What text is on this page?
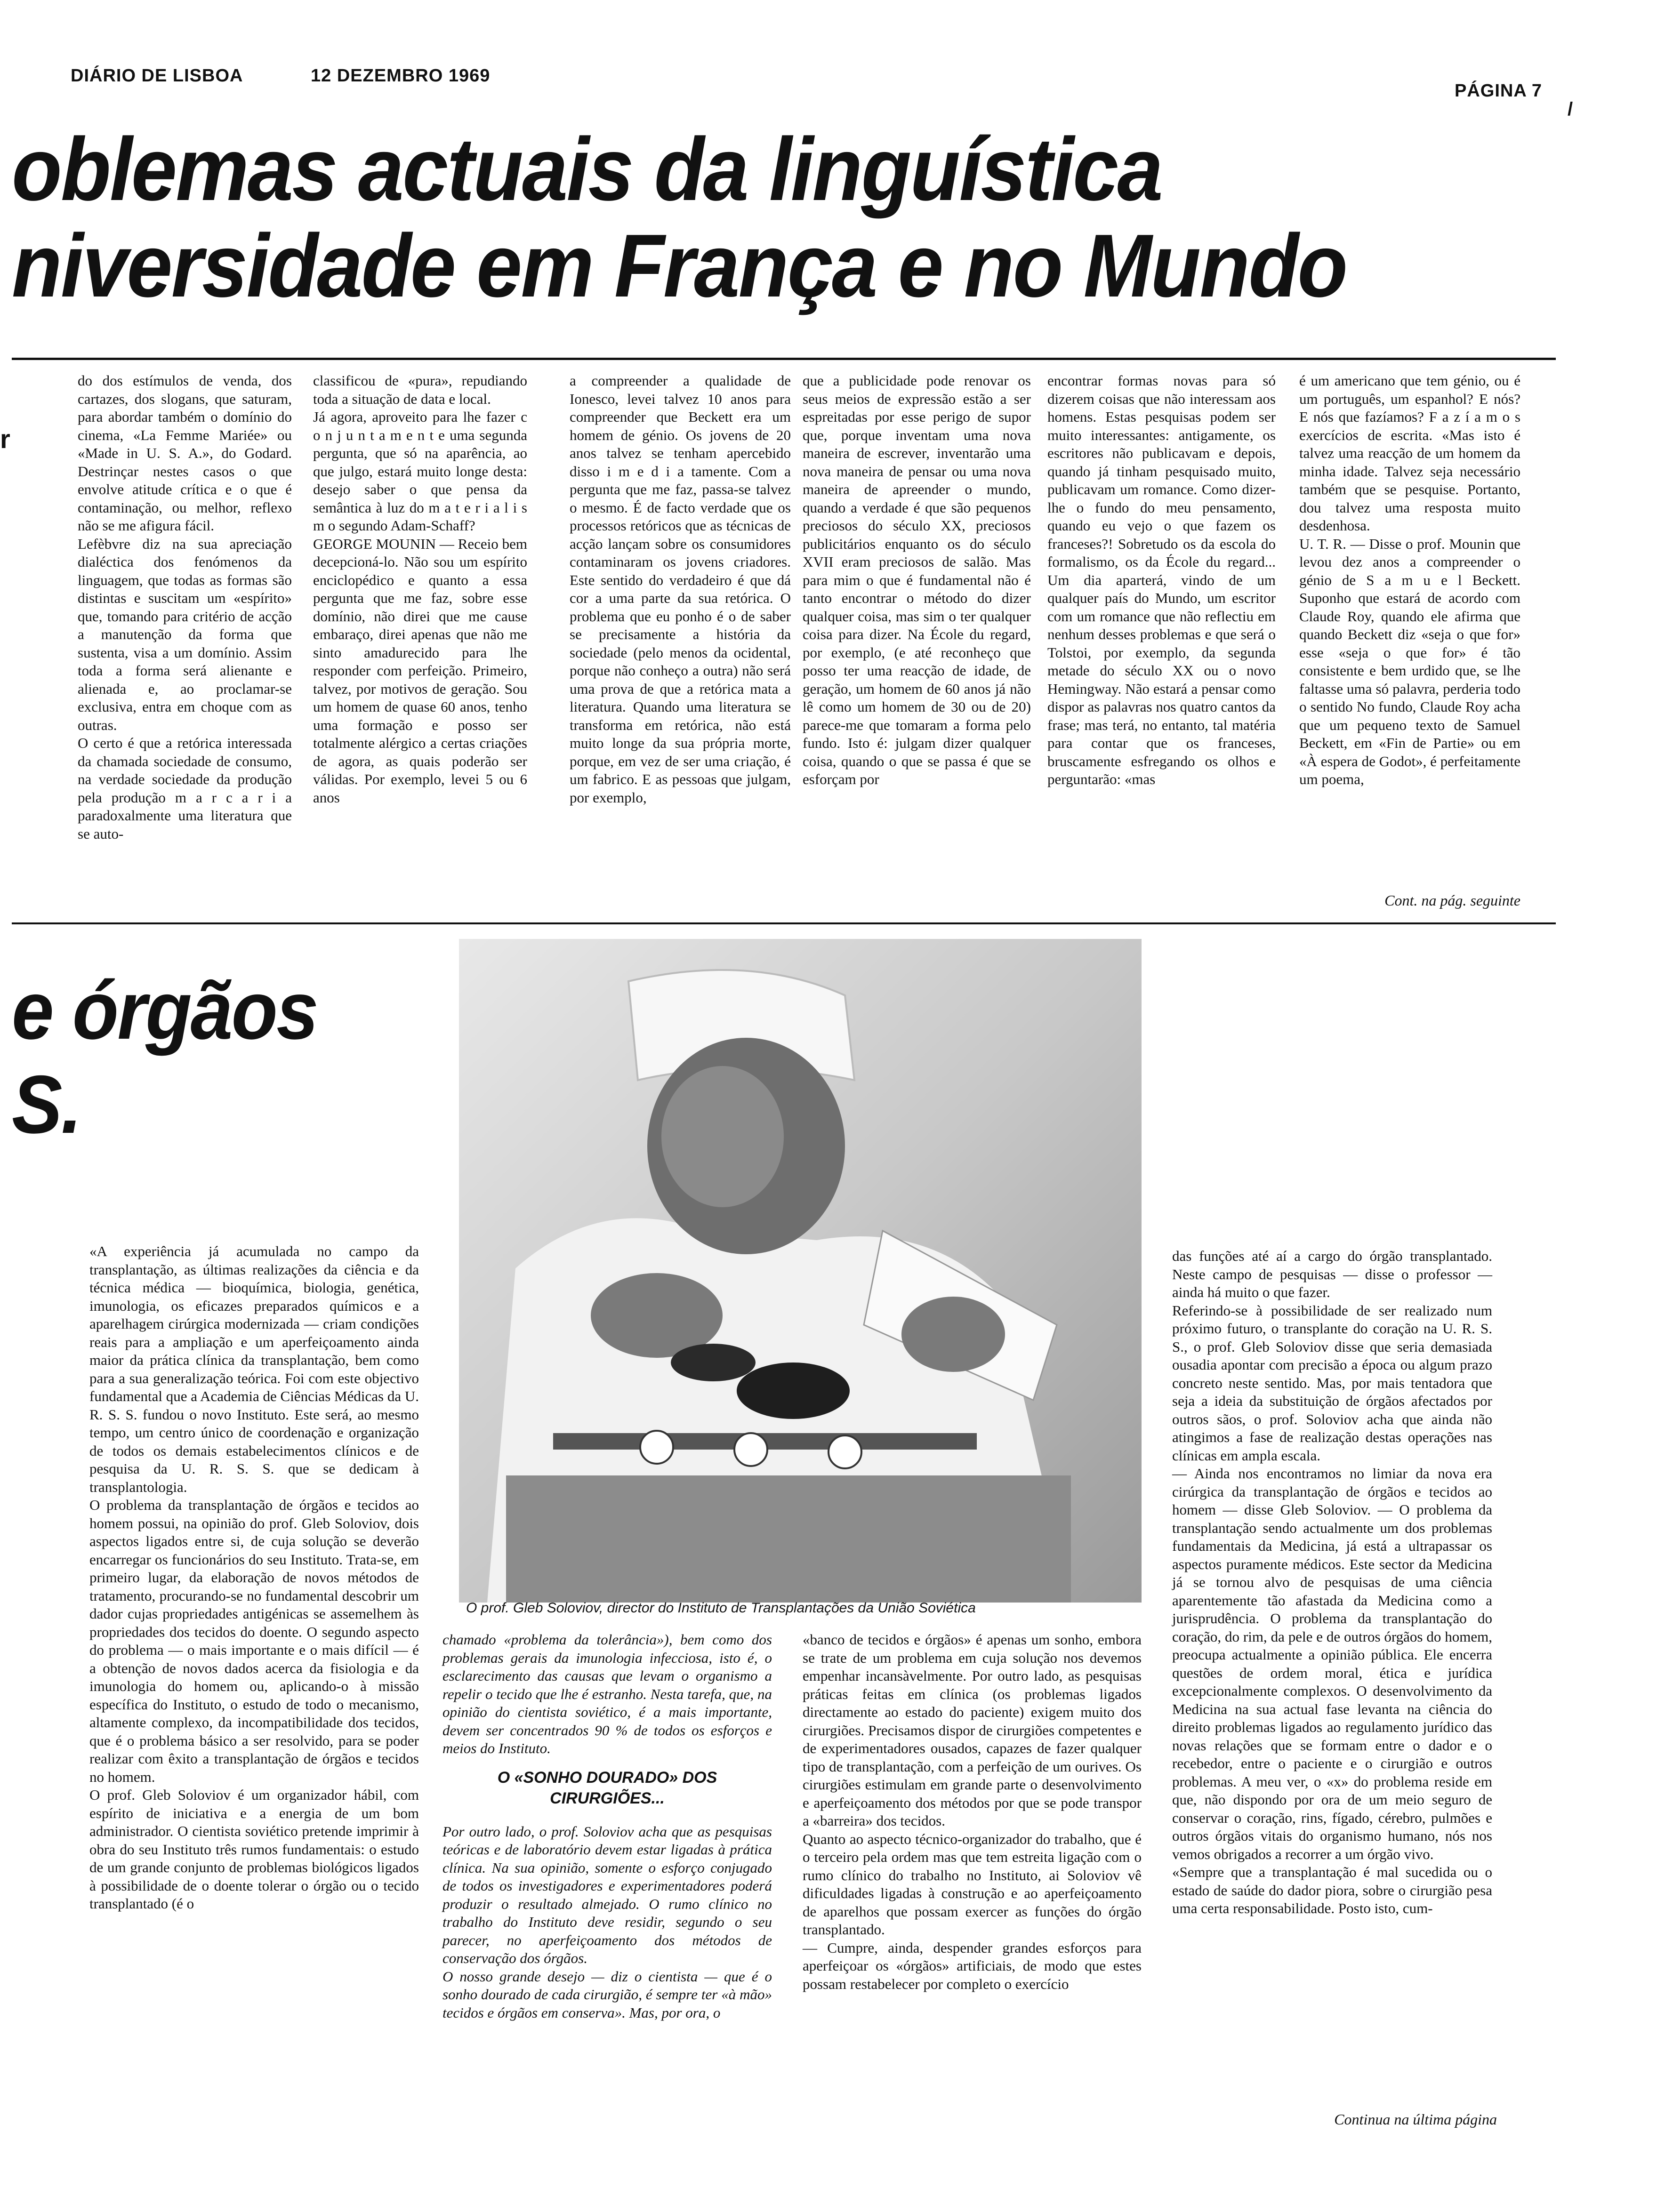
DIÁRIO DE LISBOA	12 DEZEMBRO 1969
PÁGINA 7
oblemas actuais da linguística
niversidade em França e no Mundo
do dos estímulos de venda, dos cartazes, dos slogans, que saturam, para abordar também o domínio do cinema, «La Femme Mariée» ou «Made in U. S. A.», do Godard. Destrinçar nestes casos o que envolve atitude crítica e o que é contaminação, ou melhor, reflexo não se me afigura fácil.
Lefèbvre diz na sua apreciação dialéctica dos fenómenos da linguagem, que todas as formas são distintas e suscitam um «espírito» que, tomando para critério de acção a manutenção da forma que sustenta, visa a um domínio. Assim toda a forma será alienante e alienada e, ao proclamar-se exclusiva, entra em choque com as outras.
O certo é que a retórica interessada da chamada sociedade de consumo, na verdade sociedade da produção pela produção m a r c a r i a paradoxalmente uma literatura que se auto-
classificou de «pura», repudiando toda a situação de data e local.
Já agora, aproveito para lhe fazer c o n j u n t a m e n t e uma segunda pergunta, que só na aparência, ao que julgo, estará muito longe desta: desejo saber o que pensa da semântica à luz do m a t e r i a l i s m o segundo Adam-Schaff?
GEORGE MOUNIN — Receio bem decepcioná-lo. Não sou um espírito enciclopédico e quanto a essa pergunta que me faz, sobre esse domínio, não direi que me cause embaraço, direi apenas que não me sinto amadurecido para lhe responder com perfeição. Primeiro, talvez, por motivos de geração. Sou um homem de quase 60 anos, tenho uma formação e posso ser totalmente alérgico a certas criações de agora, as quais poderão ser válidas. Por exemplo, levei 5 ou 6 anos
a compreender a qualidade de Ionesco, levei talvez 10 anos para compreender que Beckett era um homem de génio. Os jovens de 20 anos talvez se tenham apercebido disso i m e d i a tamente. Com a pergunta que me faz, passa-se talvez o mesmo. É de facto verdade que os processos retóricos que as técnicas de acção lançam sobre os consumidores contaminaram os jovens criadores. Este sentido do verdadeiro é que dá cor a uma parte da sua retórica. O problema que eu ponho é o de saber se precisamente a história da sociedade (pelo menos da ocidental, porque não conheço a outra) não será uma prova de que a retórica mata a literatura. Quando uma literatura se transforma em retórica, não está muito longe da sua própria morte, porque, em vez de ser uma criação, é um fabrico. E as pessoas que julgam, por exemplo,
que a publicidade pode renovar os seus meios de expressão estão a ser espreitadas por esse perigo de supor que, porque inventam uma nova maneira de escrever, inventarão uma nova maneira de pensar ou uma nova maneira de apreender o mundo, quando a verdade é que são pequenos preciosos do século XX, preciosos publicitários enquanto os do século XVII eram preciosos de salão. Mas para mim o que é fundamental não é tanto encontrar o método do dizer qualquer coisa, mas sim o ter qualquer coisa para dizer. Na École du regard, por exemplo, (e até reconheço que posso ter uma reacção de idade, de geração, um homem de 60 anos já não lê como um homem de 30 ou de 20) parece-me que tomaram a forma pelo fundo. Isto é: julgam dizer qualquer coisa, quando o que se passa é que se esforçam por
encontrar formas novas para só dizerem coisas que não interessam aos homens. Estas pesquisas podem ser muito interessantes: antigamente, os escritores não publicavam e depois, quando já tinham pesquisado muito, publicavam um romance. Como dizer-lhe o fundo do meu pensamento, quando eu vejo o que fazem os franceses?! Sobretudo os da escola do formalismo, os da École du regard... Um dia aparterá, vindo de um qualquer país do Mundo, um escritor com um romance que não reflectiu em nenhum desses problemas e que será o Tolstoi, por exemplo, da segunda metade do século XX ou o novo Hemingway. Não estará a pensar como dispor as palavras nos quatro cantos da frase; mas terá, no entanto, tal matéria para contar que os franceses, bruscamente esfregando os olhos e perguntarão: «mas
é um americano que tem génio, ou é um português, um espanhol? E nós? E nós que fazíamos? F a z í a m o s exercícios de escrita. «Mas isto é talvez uma reacção de um homem da minha idade. Talvez seja necessário também que se pesquise. Portanto, dou talvez uma resposta muito desdenhosa.
U. T. R. — Disse o prof. Mounin que levou dez anos a compreender o génio de S a m u e l Beckett. Suponho que estará de acordo com Claude Roy, quando ele afirma que quando Beckett diz «seja o que for» esse «seja o que for» é tão consistente e bem urdido que, se lhe faltasse uma só palavra, perderia todo o sentido No fundo, Claude Roy acha que um pequeno texto de Samuel Beckett, em «Fin de Partie» ou em «À espera de Godot», é perfeitamente um poema,
Cont. na pág. seguinte
e órgãos
S.
O prof. Gleb Soloviov, director do Instituto de Transplantações da União Soviética
«A experiência já acumulada no campo da transplantação, as últimas realizações da ciência e da técnica médica — bioquímica, biologia, genética, imunologia, os eficazes preparados químicos e a aparelhagem cirúrgica modernizada — criam condições reais para a ampliação e um aperfeiçoamento ainda maior da prática clínica da transplantação, bem como para a sua generalização teórica. Foi com este objectivo fundamental que a Academia de Ciências Médicas da U. R. S. S. fundou o novo Instituto. Este será, ao mesmo tempo, um centro único de coordenação e organização de todos os demais estabelecimentos clínicos e de pesquisa da U. R. S. S. que se dedicam à transplantologia.
O problema da transplantação de órgãos e tecidos ao homem possui, na opinião do prof. Gleb Soloviov, dois aspectos ligados entre si, de cuja solução se deverão encarregar os funcionários do seu Instituto. Trata-se, em primeiro lugar, da elaboração de novos métodos de tratamento, procurando-se no fundamental descobrir um dador cujas propriedades antigénicas se assemelhem às propriedades dos tecidos do doente. O segundo aspecto do problema — o mais importante e o mais difícil — é a obtenção de novos dados acerca da fisiologia e da imunologia do homem ou, aplicando-o à missão específica do Instituto, o estudo de todo o mecanismo, altamente complexo, da incompatibilidade dos tecidos, que é o problema básico a ser resolvido, para se poder realizar com êxito a transplantação de órgãos e tecidos no homem.
O prof. Gleb Soloviov é um organizador hábil, com espírito de iniciativa e a energia de um bom administrador. O cientista soviético pretende imprimir à obra do seu Instituto três rumos fundamentais: o estudo de um grande conjunto de problemas biológicos ligados à possibilidade de o doente tolerar o órgão ou o tecido transplantado (é o
chamado «problema da tolerância»), bem como dos problemas gerais da imunologia infecciosa, isto é, o esclarecimento das causas que levam o organismo a repelir o tecido que lhe é estranho. Nesta tarefa, que, na opinião do cientista soviético, é a mais importante, devem ser concentrados 90 % de todos os esforços e meios do Instituto.
O «SONHO DOURADO» DOS CIRURGIÕES...
Por outro lado, o prof. Soloviov acha que as pesquisas teóricas e de laboratório devem estar ligadas à prática clínica. Na sua opinião, somente o esforço conjugado de todos os investigadores e experimentadores poderá produzir o resultado almejado. O rumo clínico no trabalho do Instituto deve residir, segundo o seu parecer, no aperfeiçoamento dos métodos de conservação dos órgãos.
O nosso grande desejo — diz o cientista — que é o sonho dourado de cada cirurgião, é sempre ter «à mão» tecidos e órgãos em conserva». Mas, por ora, o
«banco de tecidos e órgãos» é apenas um sonho, embora se trate de um problema em cuja solução nos devemos empenhar incansàvelmente. Por outro lado, as pesquisas práticas feitas em clínica (os problemas ligados directamente ao estado do paciente) exigem muito dos cirurgiões. Precisamos dispor de cirurgiões competentes e de experimentadores ousados, capazes de fazer qualquer tipo de transplantação, com a perfeição de um ourives. Os cirurgiões estimulam em grande parte o desenvolvimento e aperfeiçoamento dos métodos por que se pode transpor a «barreira» dos tecidos.
Quanto ao aspecto técnico-organizador do trabalho, que é o terceiro pela ordem mas que tem estreita ligação com o rumo clínico do trabalho no Instituto, ai Soloviov vê dificuldades ligadas à construção e ao aperfeiçoamento de aparelhos que possam exercer as funções do órgão transplantado.
— Cumpre, ainda, despender grandes esforços para aperfeiçoar os «órgãos» artificiais, de modo que estes possam restabelecer por completo o exercício
das funções até aí a cargo do órgão transplantado. Neste campo de pesquisas — disse o professor — ainda há muito o que fazer.
Referindo-se à possibilidade de ser realizado num próximo futuro, o transplante do coração na U. R. S. S., o prof. Gleb Soloviov disse que seria demasiada ousadia apontar com precisão a época ou algum prazo concreto neste sentido. Mas, por mais tentadora que seja a ideia da substituição de órgãos afectados por outros sãos, o prof. Soloviov acha que ainda não atingimos a fase de realização destas operações nas clínicas em ampla escala.
— Ainda nos encontramos no limiar da nova era cirúrgica da transplantação de órgãos e tecidos ao homem — disse Gleb Soloviov. — O problema da transplantação sendo actualmente um dos problemas fundamentais da Medicina, já está a ultrapassar os aspectos puramente médicos. Este sector da Medicina já se tornou alvo de pesquisas de uma ciência aparentemente tão afastada da Medicina como a jurisprudência. O problema da transplantação do coração, do rim, da pele e de outros órgãos do homem, preocupa actualmente a opinião pública. Ele encerra questões de ordem moral, ética e jurídica excepcionalmente complexos. O desenvolvimento da Medicina na sua actual fase levanta na ciência do direito problemas ligados ao regulamento jurídico das novas relações que se formam entre o dador e o recebedor, entre o paciente e o cirurgião e outros problemas. A meu ver, o «x» do problema reside em que, não dispondo por ora de um meio seguro de conservar o coração, rins, fígado, cérebro, pulmões e outros órgãos vitais do organismo humano, nós nos vemos obrigados a recorrer a um órgão vivo.
«Sempre que a transplantação é mal sucedida ou o estado de saúde do dador piora, sobre o cirurgião pesa uma certa responsabilidade. Posto isto, cum-
Continua na última página
/
r
